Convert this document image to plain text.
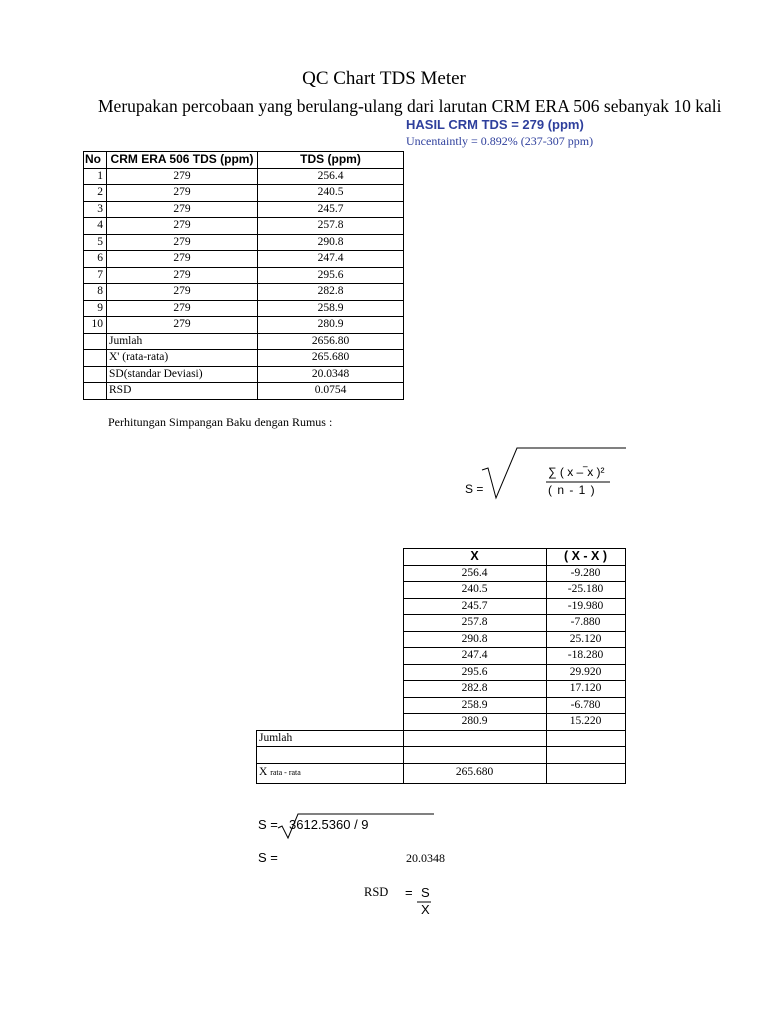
QC Chart TDS Meter
Merupakan percobaan yang berulang-ulang dari larutan CRM ERA 506 sebanyak 10 kali
HASIL CRM TDS = 279 (ppm)
Uncentaintly = 0.892% (237-307 ppm)
No	CRM ERA 506 TDS (ppm)	TDS (ppm)
1	279	256.4
2	279	240.5
3	279	245.7
4	279	257.8
5	279	290.8
6	279	247.4
7	279	295.6
8	279	282.8
9	279	258.9
10	279	280.9
	Jumlah	2656.80
	X' (rata-rata)	265.680
	SD(standar Deviasi)	20.0348
	RSD	0.0754
Perhitungan Simpangan Baku dengan Rumus :
S =
∑ ( x –‾x )²
( n - 1 )
	X	( X - X )
	256.4	-9.280
	240.5	-25.180
	245.7	-19.980
	257.8	-7.880
	290.8	25.120
	247.4	-18.280
	295.6	29.920
	282.8	17.120
	258.9	-6.780
	280.9	15.220
Jumlah		

X rata - rata	265.680	
S = 3612.5360 / 9
S =	20.0348
RSD = S
X
